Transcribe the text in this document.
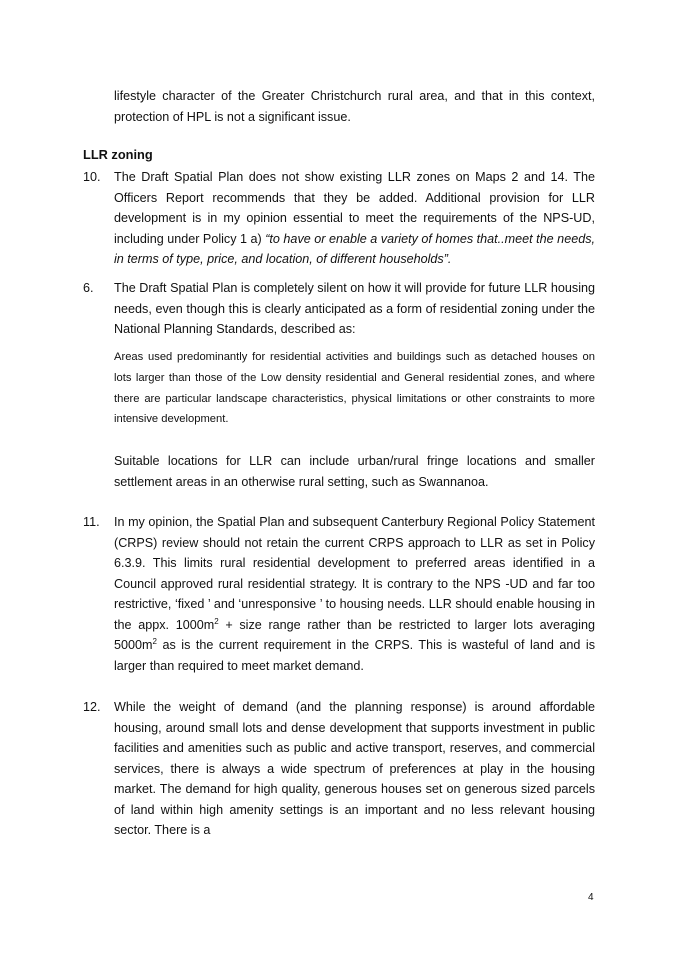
lifestyle character of the Greater Christchurch rural area, and that in this context, protection of HPL is not a significant issue.
LLR zoning
10. The Draft Spatial Plan does not show existing LLR zones on Maps 2 and 14. The Officers Report recommends that they be added. Additional provision for LLR development is in my opinion essential to meet the requirements of the NPS-UD, including under Policy 1 a) “to have or enable a variety of homes that..meet the needs, in terms of type, price, and location, of different households”.
6. The Draft Spatial Plan is completely silent on how it will provide for future LLR housing needs, even though this is clearly anticipated as a form of residential zoning under the National Planning Standards, described as:
Areas used predominantly for residential activities and buildings such as detached houses on lots larger than those of the Low density residential and General residential zones, and where there are particular landscape characteristics, physical limitations or other constraints to more intensive development.
Suitable locations for LLR can include urban/rural fringe locations and smaller settlement areas in an otherwise rural setting, such as Swannanoa.
11. In my opinion, the Spatial Plan and subsequent Canterbury Regional Policy Statement (CRPS) review should not retain the current CRPS approach to LLR as set in Policy 6.3.9. This limits rural residential development to preferred areas identified in a Council approved rural residential strategy. It is contrary to the NPS -UD and far too restrictive, ‘fixed ’ and ‘unresponsive ’ to housing needs. LLR should enable housing in the appx. $1000m^2$ + size range rather than be restricted to larger lots averaging $5000m^2$ as is the current requirement in the CRPS. This is wasteful of land and is larger than required to meet market demand.
12. While the weight of demand (and the planning response) is around affordable housing, around small lots and dense development that supports investment in public facilities and amenities such as public and active transport, reserves, and commercial services, there is always a wide spectrum of preferences at play in the housing market. The demand for high quality, generous houses set on generous sized parcels of land within high amenity settings is an important and no less relevant housing sector. There is a
4
